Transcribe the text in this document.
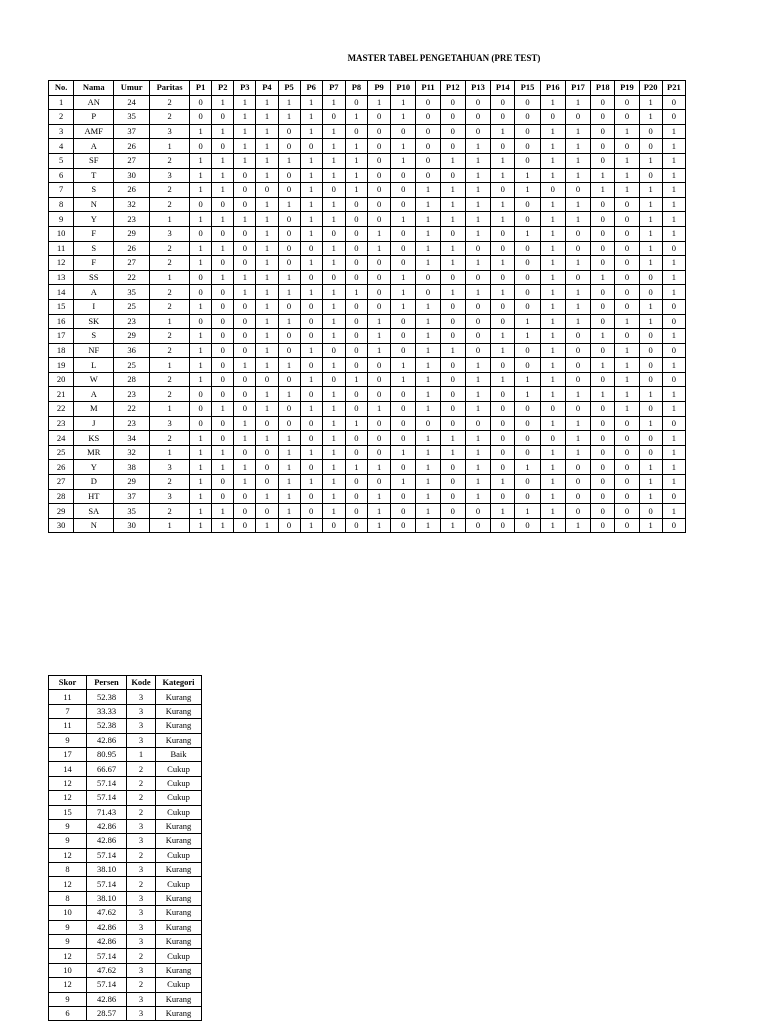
MASTER TABEL PENGETAHUAN (PRE TEST)
No.	Nama	Umur	Paritas	P1	P2	P3	P4	P5	P6	P7	P8	P9	P10	P11	P12	P13	P14	P15	P16	P17	P18	P19	P20	P21
1	AN	24	2	0	1	1	1	1	1	1	0	1	1	0	0	0	0	0	1	1	0	0	1	0
2	P	35	2	0	0	1	1	1	1	0	1	0	1	0	0	0	0	0	0	0	0	0	1	0
3	AMF	37	3	1	1	1	1	0	1	1	0	0	0	0	0	0	1	0	1	1	0	1	0	1
4	A	26	1	0	0	1	1	0	0	1	1	0	1	0	0	1	0	0	1	1	0	0	0	1
5	SF	27	2	1	1	1	1	1	1	1	1	0	1	0	1	1	1	0	1	1	0	1	1	1
6	T	30	3	1	1	0	1	0	1	1	1	0	0	0	0	1	1	1	1	1	1	1	0	1
7	S	26	2	1	1	0	0	0	1	0	1	0	0	1	1	1	0	1	0	0	1	1	1	1
8	N	32	2	0	0	0	1	1	1	1	0	0	0	1	1	1	1	0	1	1	0	0	1	1
9	Y	23	1	1	1	1	1	0	1	1	0	0	1	1	1	1	1	0	1	1	0	0	1	1
10	F	29	3	0	0	0	1	0	1	0	0	1	0	1	0	1	0	1	1	0	0	0	1	1
11	S	26	2	1	1	0	1	0	0	1	0	1	0	1	1	0	0	0	1	0	0	0	1	0
12	F	27	2	1	0	0	1	0	1	1	0	0	0	1	1	1	1	0	1	1	0	0	1	1
13	SS	22	1	0	1	1	1	1	0	0	0	0	1	0	0	0	0	0	1	0	1	0	0	1
14	A	35	2	0	0	1	1	1	1	1	1	0	1	0	1	1	1	0	1	1	0	0	0	1
15	I	25	2	1	0	0	1	0	0	1	0	0	1	1	0	0	0	0	1	1	0	0	1	0
16	SK	23	1	0	0	0	1	1	0	1	0	1	0	1	0	0	0	1	1	1	0	1	1	0
17	S	29	2	1	0	0	1	0	0	1	0	1	0	1	0	0	1	1	1	0	1	0	0	1
18	NF	36	2	1	0	0	1	0	1	0	0	1	0	1	1	0	1	0	1	0	0	1	0	0
19	L	25	1	1	0	1	1	1	0	1	0	0	1	1	0	1	0	0	1	0	1	1	0	1
20	W	28	2	1	0	0	0	0	1	0	1	0	1	1	0	1	1	1	1	0	0	1	0	0
21	A	23	2	0	0	0	1	1	0	1	0	0	0	1	0	1	0	1	1	1	1	1	1	1
22	M	22	1	0	1	0	1	0	1	1	0	1	0	1	0	1	0	0	0	0	0	1	0	1
23	J	23	3	0	0	1	0	0	0	1	1	0	0	0	0	0	0	0	1	1	0	0	1	0
24	KS	34	2	1	0	1	1	1	0	1	0	0	0	1	1	1	0	0	0	1	0	0	0	1
25	MR	32	1	1	1	0	0	1	1	1	0	0	1	1	1	1	0	0	1	1	0	0	0	1
26	Y	38	3	1	1	1	0	1	0	1	1	1	0	1	0	1	0	1	1	0	0	0	1	1
27	D	29	2	1	0	1	0	1	1	1	0	0	1	1	0	1	1	0	1	0	0	0	1	1
28	HT	37	3	1	0	0	1	1	0	1	0	1	0	1	0	1	0	0	1	0	0	0	1	0
29	SA	35	2	1	1	0	0	1	0	1	0	1	0	1	0	0	1	1	1	0	0	0	0	1
30	N	30	1	1	1	0	1	0	1	0	0	1	0	1	1	0	0	0	1	1	0	0	1	0
Skor	Persen	Kode	Kategori
11	52.38	3	Kurang
7	33.33	3	Kurang
11	52.38	3	Kurang
9	42.86	3	Kurang
17	80.95	1	Baik
14	66.67	2	Cukup
12	57.14	2	Cukup
12	57.14	2	Cukup
15	71.43	2	Cukup
9	42.86	3	Kurang
9	42.86	3	Kurang
12	57.14	2	Cukup
8	38.10	3	Kurang
12	57.14	2	Cukup
8	38.10	3	Kurang
10	47.62	3	Kurang
9	42.86	3	Kurang
9	42.86	3	Kurang
12	57.14	2	Cukup
10	47.62	3	Kurang
12	57.14	2	Cukup
9	42.86	3	Kurang
6	28.57	3	Kurang
